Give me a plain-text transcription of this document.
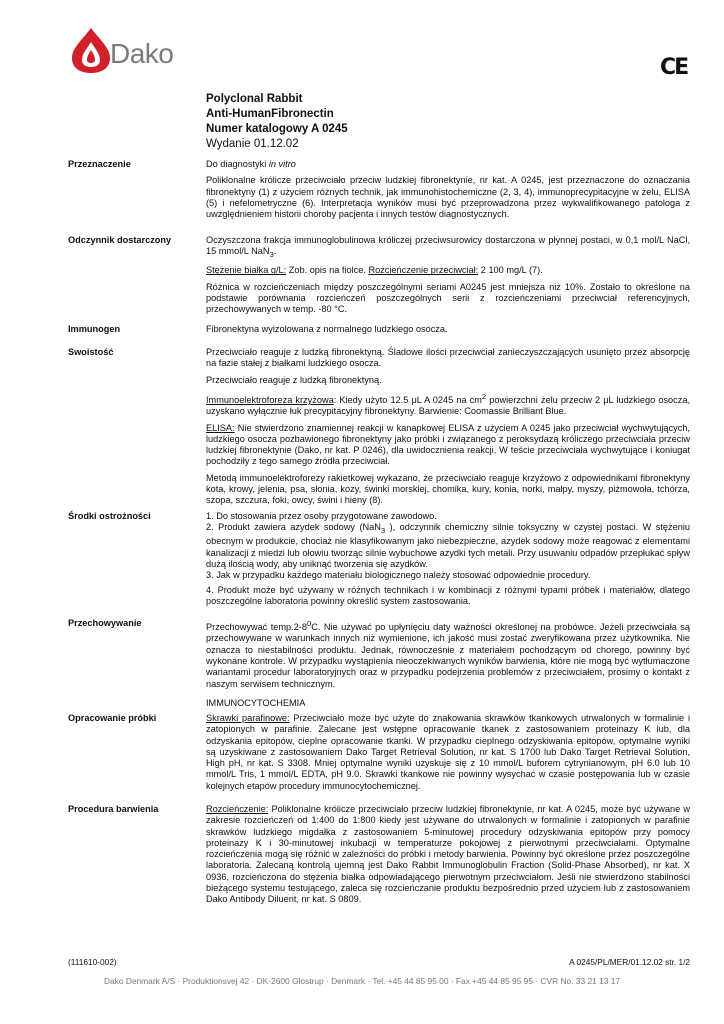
Dako	CE
Polyclonal Rabbit
Anti-HumanFibronectin
Numer katalogowy A 0245
Wydanie 01.12.02
Przeznaczenie	Do diagnostyki in vitro

Poliklonalne królicze przeciwciało przeciw ludzkiej fibronektynie, nr kat. A 0245, jest przeznaczone do oznaczania fibronektyny (1) z użyciem różnych technik, jak immunohistochemiczne (2, 3, 4), immunoprecypitacyjne w żelu, ELISA (5) i nefelometryczne (6). Interpretacja wyników musi być przeprowadzona przez wykwalifikowanego patologa z uwzględnieniem historii choroby pacjenta i innych testów diagnostycznych.

Odczynnik dostarczony	Oczyszczona frakcja immunoglobulinowa króliczej przeciwsurowicy dostarczona w płynnej postaci, w 0,1 mol/L NaCl, 15 mmol/L NaN$_3$.

Stężenie białka g/L: Zob. opis na fiolce. Rozcieńczenie przeciwciał: 2 100 mg/L (7).

Różnica w rozcieńczeniach między poszczególnymi seriami A0245 jest mniejsza niż 10%. Zostało to określone na podstawie porównania rozcieńczeń poszczególnych serii z rozcieńczeniami przeciwciał referencyjnych, przechowywanych w temp. -80 °C.

Immunogen	Fibronektyna wyizolowana z normalnego ludzkiego osocza.

Swoistość	Przeciwciało reaguje z ludzką fibronektyną. Śladowe ilości przeciwciał zanieczyszczających usunięto przez absorpcję na fazie stałej z białkami ludzkiego osocza.

Przeciwciało reaguje z ludzką fibronektyną.

Immunoelektroforeza krzyżowa: Kiedy użyto 12.5 μL A 0245 na $cm^2$ powierzchni żelu przeciw 2 μL ludzkiego osocza, uzyskano wyłącznie łuk precypitacyjny fibronektyny. Barwienie: Coomassie Brilliant Blue.

ELISA: Nie stwierdzono znamiennej reakcji w kanapkowej ELISA z użyciem A 0245 jako przeciwciał wychwytujących, ludzkiego osocza pozbawionego fibronektyny jako próbki i związanego z peroksydazą króliczego przeciwciała przeciw ludzkiej fibronektynie (Dako, nr kat. P 0246), dla uwidocznienia reakcji. W teście przeciwciała wychwytujące i koniugat pochodziły z tego samego źródła przeciwciał.

Metodą immunoelektroforezy rakietkowej wykazano, że przeciwciało reaguje krzyżowo z odpowiednikami fibronektyny kota, krowy, jelenia, psa, słonia, kozy, świnki morskiej, chomika, kury, konia, norki, małpy, myszy, piżmowoła, tchórza, szopa, szczura, foki, owcy, świni i hieny (8).

Środki ostrożności	1. Do stosowania przez osoby przygotowane zawodowo.

2. Produkt zawiera azydek sodowy (NaN$_3$ ), odczynnik chemiczny silnie toksyczny w czystej postaci. W stężeniu obecnym w produkcie, chociaż nie klasyfikowanym jako niebezpieczne, azydek sodowy może reagować z elementami kanalizacji z miedzi lub ołowiu tworząc silnie wybuchowe azydki tych metali. Przy usuwaniu odpadów przepłukać spływ dużą ilością wody, aby uniknąć tworzenia się azydków.

3. Jak w przypadku każdego materiału biologicznego należy stosować odpowiednie procedury.

4. Produkt może być używany w różnych technikach i w kombinacji z różnymi typami próbek i materiałów, dlatego poszczególne laboratoria powinny określić system zastosowania.

Przechowywanie	Przechowywać $temp.2-8^0C$. Nie używać po upłynięciu daty ważności określonej na probówce. Jeżeli przeciwciała są przechowywane w warunkach innych niż wymienione, ich jakość musi zostać zweryfikowana przez użytkownika. Nie oznacza to niestabilności produktu. Jednak, równocześnie z materiałem pochodzącym od chorego, powinny być wykonane kontrole. W przypadku wystąpienia nieoczekiwanych wyników barwienia, które nie mogą być wytłumaczone wariantami procedur laboratoryjnych oraz w przypadku podejrzenia problemów z przeciwciałem, prosimy o kontakt z naszym serwisem technicznym.

IMMUNOCYTOCHEMIA
Opracowanie próbki	Skrawki parafinowe: Przeciwciało może być użyte do znakowania skrawków tkankowych utrwalonych w formalinie i zatopionych w parafinie. Zalecane jest wstępne opracowanie tkanek z zastosowaniem proteinazy K lub, dla odzyskania epitopów, cieplne opracowanie tkanki. W przypadku cieplnego odzyskiwania epitopów, optymalne wyniki są uzyskiwane z zastosowaniem Dako Target Retrieval Solution, nr kat. S 1700 lub Dako Target Retrieval Solution, High pH, nr kat. S 3308. Mniej optymalne wyniki uzyskuje się z 10 mmol/L buforem cytrynianowym, pH 6.0 lub 10 mmol/L Tris, 1 mmol/L EDTA, pH 9.0. Skrawki tkankowe nie powinny wysychać w czasie postępowania lub w czasie kolejnych etapów procedury immunocytochemicznej.

Procedura barwienia	Rozcieńczenie: Poliklonalne królicze przeciwciało przeciw ludzkiej fibronektynie, nr kat. A 0245, może być używane w zakresie rozcieńczeń od 1:400 do 1:800 kiedy jest używane do utrwalonych w formalinie i zatopionych w parafinie skrawków ludzkiego migdałka z zastosowaniem 5-minutowej procedury odzyskiwania epitopów przy pomocy proteinazy K i 30-minutowej inkubacji w temperaturze pokojowej z pierwotnymi przeciwciałami. Optymalne rozcieńczenia mogą się różnić w zależności do próbki i metody barwienia. Powinny być określone przez poszczególne laboratoria. Zalecaną kontrolą ujemną jest Dako Rabbit Immunoglobulin Fraction (Solid-Phase Absorbed), nr kat. X 0936, rozcieńczona do stężenia białka odpowiadającego pierwotnym przeciwciałom. Jeśli nie stwierdzono stabilności bieżącego systemu testującego, zaleca się rozcieńczanie produktu bezpośrednio przed użyciem lub z zastosowaniem Dako Antibody Diluent, nr kat. S 0809.

(111610-002)	A 0245/PL/MER/01.12.02 str. 1/2
Dako Denmark A/S · Produktionsvej 42 · DK-2600 Glostrup · Denmark · Tel. +45 44 85 95 00 · Fax +45 44 85 95 95 · CVR No. 33 21 13 17
